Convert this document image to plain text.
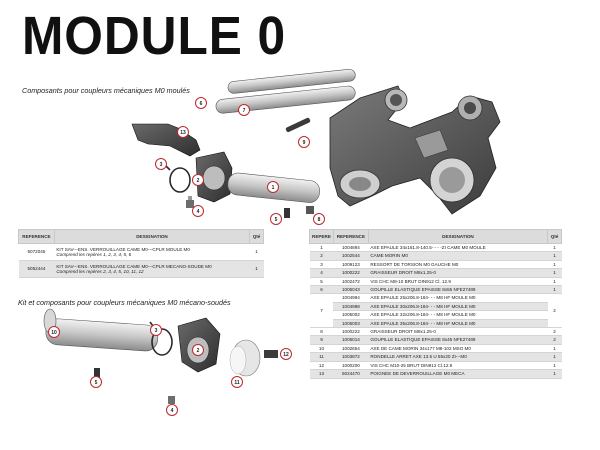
MODULE 0
Composants pour coupleurs mécaniques M0 moulés
Kit et composants pour coupleurs mécaniques M0 mécano-soudés
6
7
13
9
3
2
1
4
5	8
10	3
2
12
4
11
5
REFERENCE	DESIGNATION	Qté
5072045	KIT SAV---ENS. VERROUILLAGE CAME M0---CPLR MOULE M0
Comprend les repères 1, 2, 3, 4, 5, 6	1
5052444	KIT SAV---ENS. VERROUILLAGE CAME M0---CPLR MECANO-SOUDE M0
Comprend les repères 2, 3, 4, 5, 10, 11, 12	1
REPERE	REFERENCE	DESIGNATION	Qté
1	1004894	AXE EPAULE 34x161.8-140.5- - - -ZI CAME M0 MOULE	1
2	1002544	CAME MORIN M0	1
3	1009123	RESSORT DE TORSION M0 GAUCHE M0	1
4	1000222	GRAISSEUR DROIT M8x1.25-0	1
5	1002472	VIS CHC M8-10 BRUT DIN912 Cl. 12.9	1
6	1005043	GOUPILLE ELASTIQUE EPAISSE 8x55 NFE27489	1
7	1004994	AXE EPAULE 25x206.8-184- - - M8 HF MOULE M0	2
	1004988	AXE EPAULE 30x206.8-184- - - M8 HF MOULE M0	
	1005002	AXE EPAULE 32x206.8-184- - - M8 HF MOULE M0	
	1005003	AXE EPAULE 35x206.8-184- - - M8 HF MOULE M0	
8	1000222	GRAISSEUR DROIT M8x1.25-0	2
9	1005014	GOUPILLE ELASTIQUE EPAISSE 8x45 NFE27489	2
10	1002654	AXE DE CAME MORIN 34x177 M8-102 MSO M0	1
11	1003872	RONDELLE ARRET AXE 13.5 U 55x20 ZI---M0	1
12	1000200	VIS CHC M10-25 BRUT DIN912 Cl.12.9	1
13	5024470	POIGNEE DE DEVERROUILLAGE M0 MECA	1
